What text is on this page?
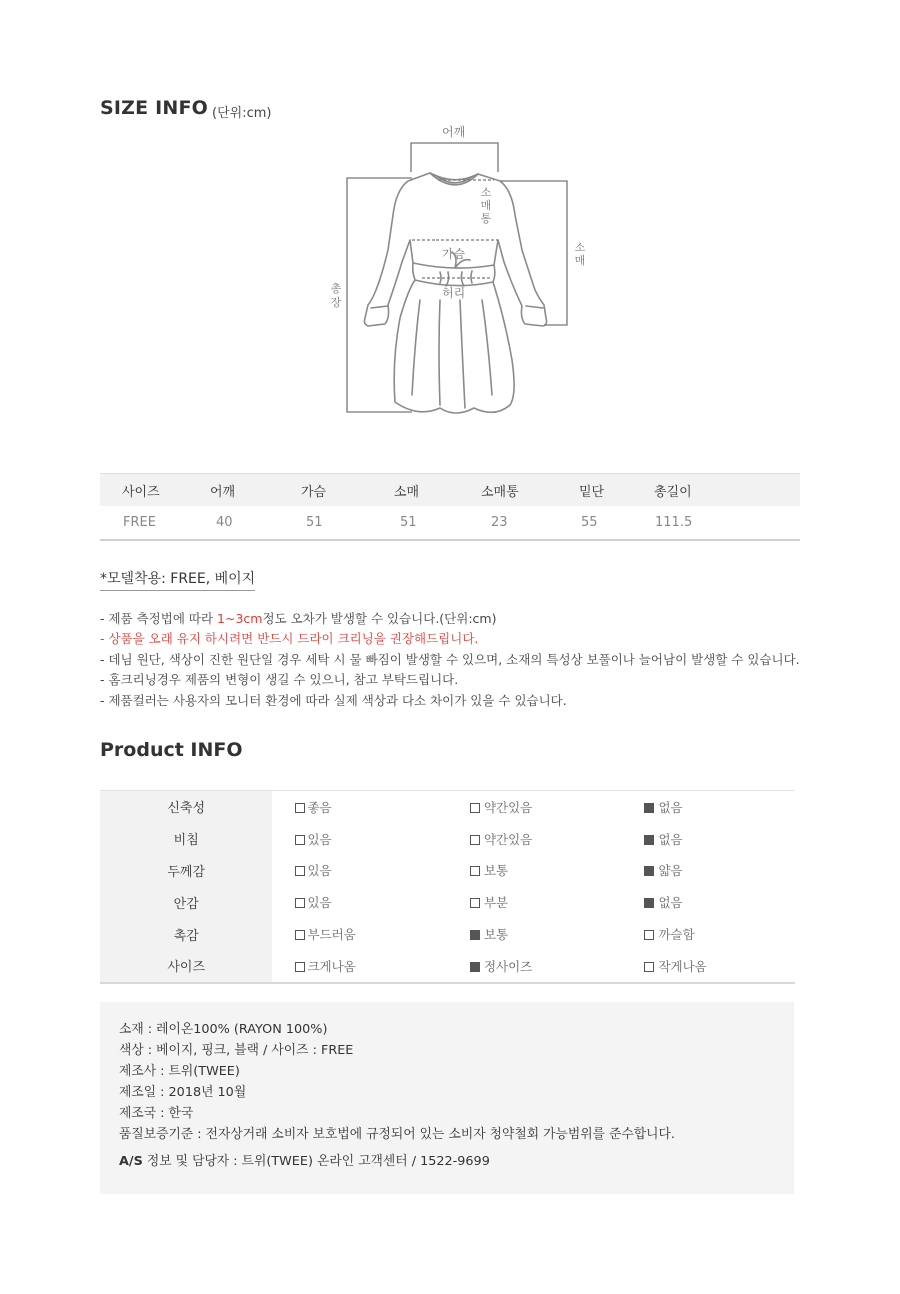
SIZE INFO (단위:cm)
어깨
가슴
허리
소
매
통
소
매
총
장
사이즈	어깨	가슴	소매	소매통	밑단	총길이
FREE	40	51	51	23	55	111.5
*모델착용: FREE, 베이지
- 제품 측정법에 따라 1~3cm정도 오차가 발생할 수 있습니다.(단위:cm)
- 상품을 오래 유지 하시려면 반드시 드라이 크리닝을 권장해드립니다.
- 데님 원단, 색상이 진한 원단일 경우 세탁 시 물 빠짐이 발생할 수 있으며, 소재의 특성상 보풀이나 늘어남이 발생할 수 있습니다.
- 홈크리닝경우 제품의 변형이 생길 수 있으니, 참고 부탁드립니다.
- 제품컬러는 사용자의 모니터 환경에 따라 실제 색상과 다소 차이가 있을 수 있습니다.
Product INFO
신축성	좋음		약간있음		없음
비침	있음		약간있음		없음
두께감	있음		보통		얇음
안감	있음		부분		없음
촉감	부드러움		보통		까슬함
사이즈	크게나옴		정사이즈		작게나옴
소재 : 레이온100% (RAYON 100%)
색상 : 베이지, 핑크, 블랙 / 사이즈 : FREE
제조사 : 트위(TWEE)
제조일 : 2018년 10월
제조국 : 한국
품질보증기준 : 전자상거래 소비자 보호법에 규정되어 있는 소비자 청약철회 가능범위를 준수합니다.
A/S 정보 및 담당자 : 트위(TWEE) 온라인 고객센터 / 1522-9699
